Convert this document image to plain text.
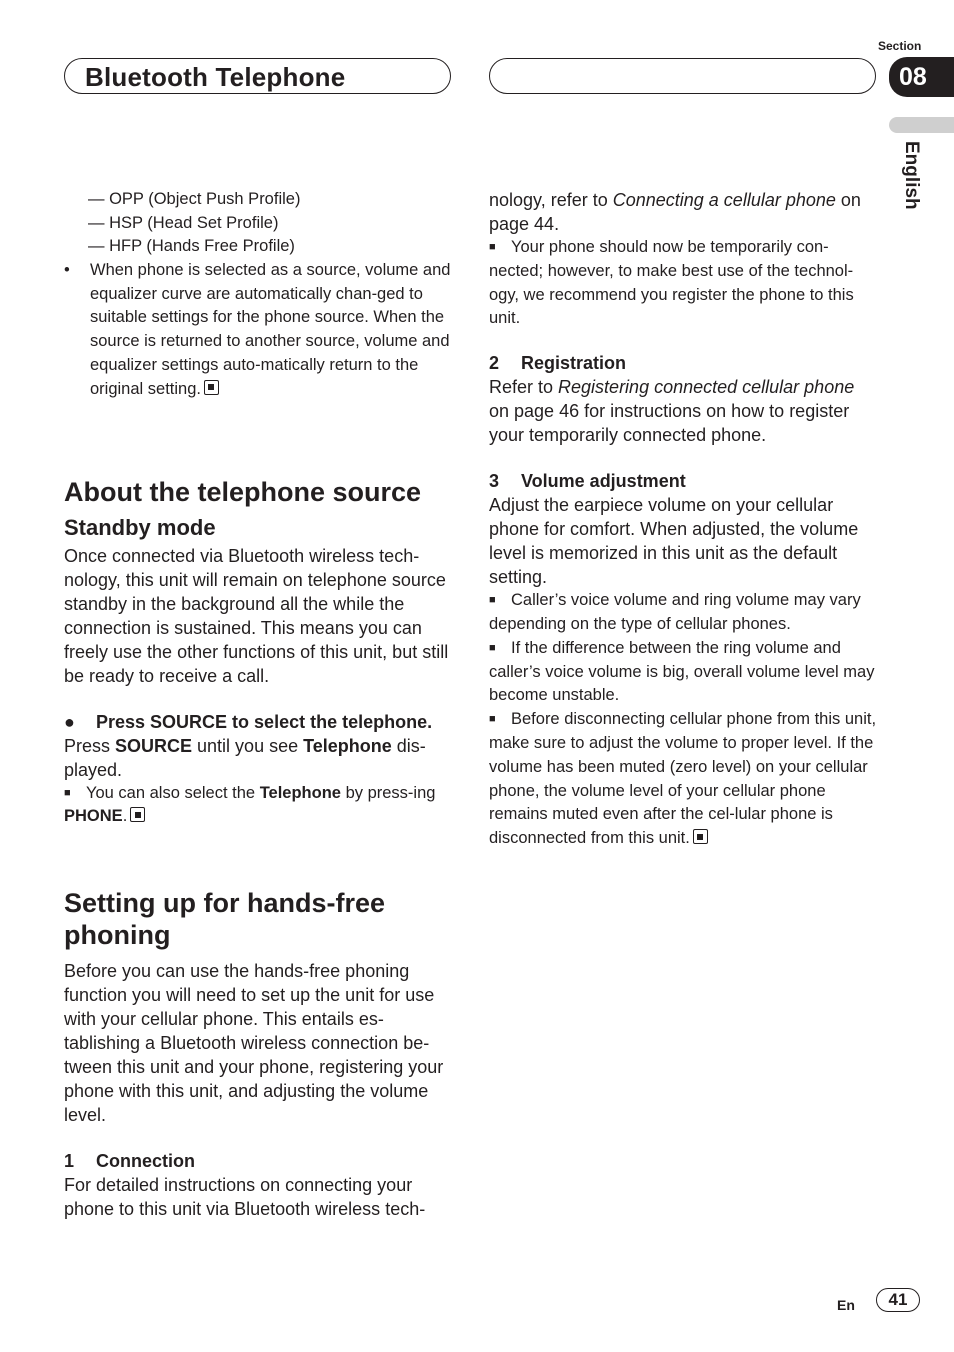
Bluetooth Telephone
Section
08
English
— OPP (Object Push Profile)
— HSP (Head Set Profile)
— HFP (Hands Free Profile)
• When phone is selected as a source, volume and equalizer curve are automatically chan-ged to suitable settings for the phone source. When the source is returned to another source, volume and equalizer settings auto-matically return to the original setting.
About the telephone source
Standby mode

Once connected via Bluetooth wireless tech-nology, this unit will remain on telephone source standby in the background all the while the connection is sustained. This means you can freely use the other functions of this unit, but still be ready to receive a call.

● Press SOURCE to select the telephone.

Press SOURCE until you see Telephone dis-played.

■ You can also select the Telephone by press-ing PHONE.

Setting up for hands-free phoning

Before you can use the hands-free phoning function you will need to set up the unit for use with your cellular phone. This entails es-tablishing a Bluetooth wireless connection be-tween this unit and your phone, registering your phone with this unit, and adjusting the volume level.

1 Connection

For detailed instructions on connecting your phone to this unit via Bluetooth wireless tech-

nology, refer to Connecting a cellular phone on page 44.

■ Your phone should now be temporarily con-nected; however, to make best use of the technol-ogy, we recommend you register the phone to this unit.

2 Registration

Refer to Registering connected cellular phone on page 46 for instructions on how to register your temporarily connected phone.

3 Volume adjustment

Adjust the earpiece volume on your cellular phone for comfort. When adjusted, the volume level is memorized in this unit as the default setting.

■ Caller’s voice volume and ring volume may vary depending on the type of cellular phones.

■ If the difference between the ring volume and caller’s voice volume is big, overall volume level may become unstable.

■ Before disconnecting cellular phone from this unit, make sure to adjust the volume to proper level. If the volume has been muted (zero level) on your cellular phone, the volume level of your cellular phone remains muted even after the cel-lular phone is disconnected from this unit.

En	41
